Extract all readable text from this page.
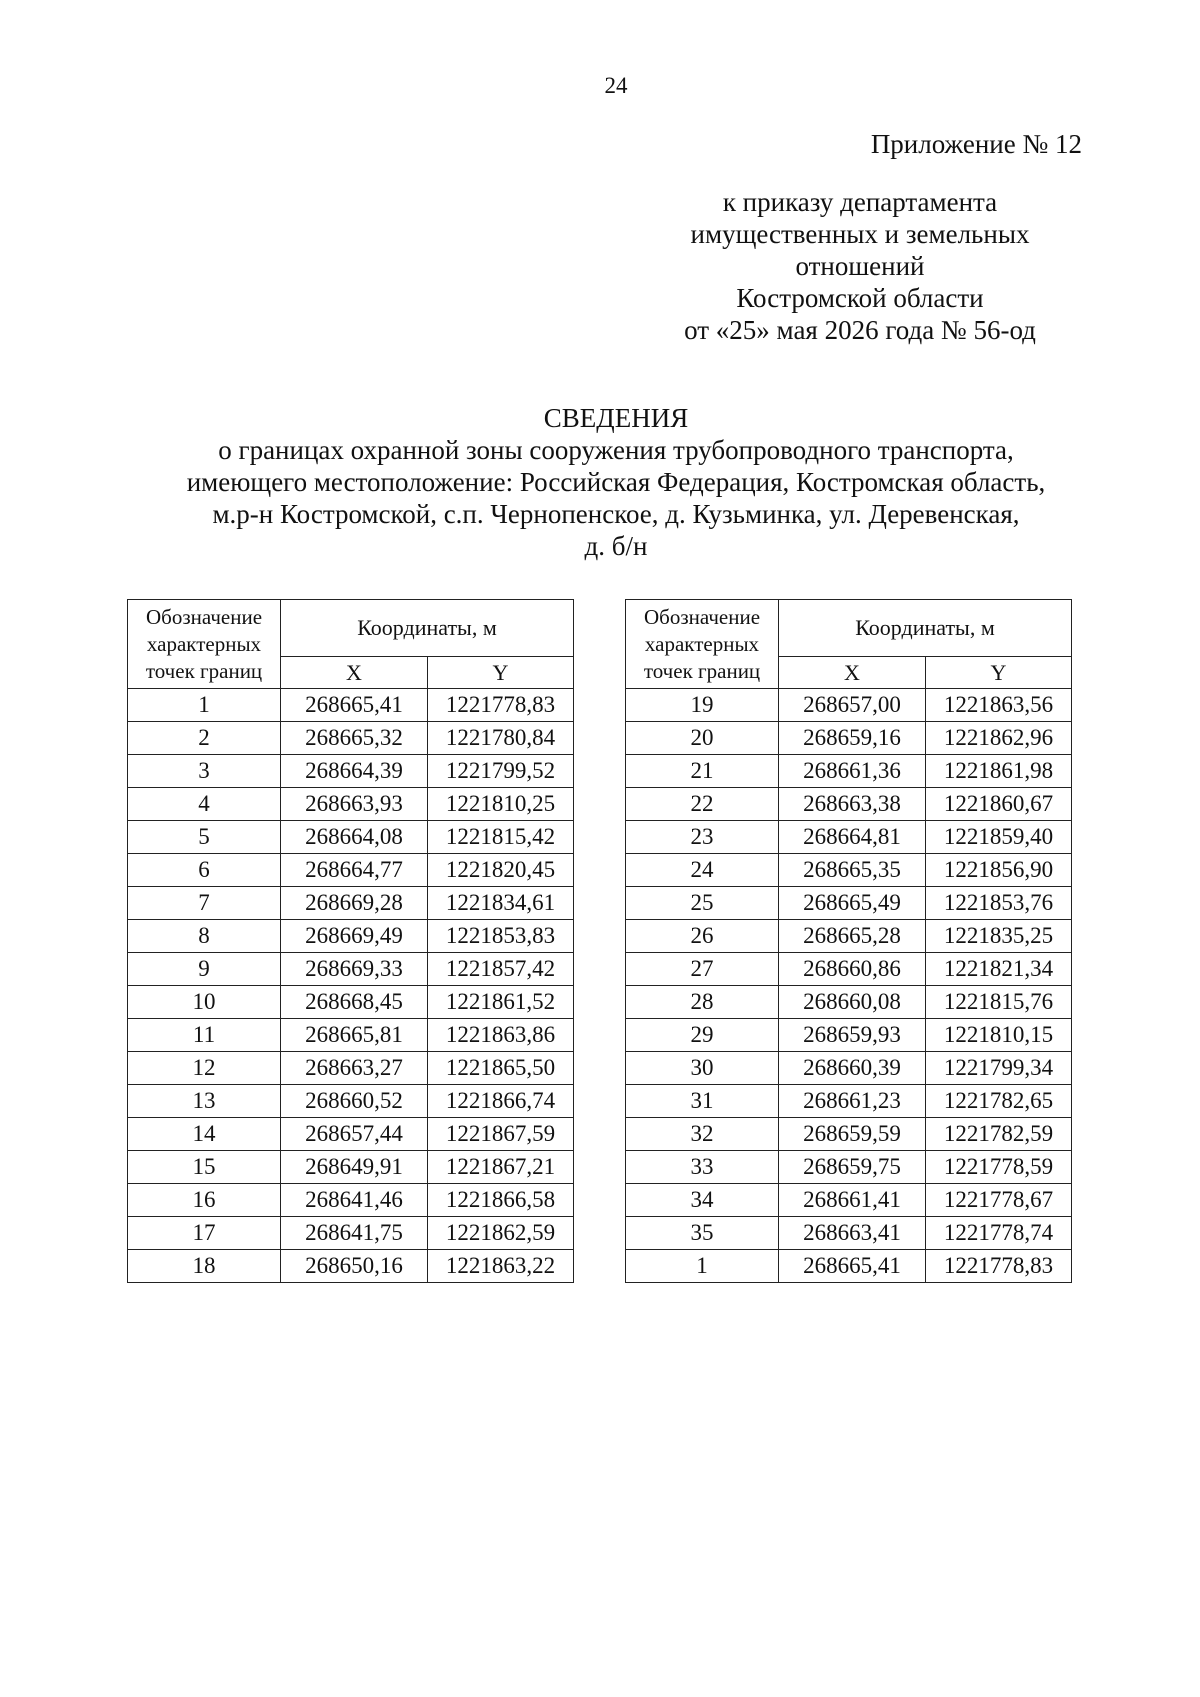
24
Приложение № 12
к приказу департамента
имущественных и земельных
отношений
Костромской области
от «25» мая 2026 года № 56-од
СВЕДЕНИЯ
о границах охранной зоны сооружения трубопроводного транспорта,
имеющего местоположение: Российская Федерация, Костромская область,
м.р-н Костромской, с.п. Чернопенское, д. Кузьминка, ул. Деревенская,
д. б/н
Обозначение
характерных
точек границ	Координаты, м	
	X	Y
1	268665,41	1221778,83
2	268665,32	1221780,84
3	268664,39	1221799,52
4	268663,93	1221810,25
5	268664,08	1221815,42
6	268664,77	1221820,45
7	268669,28	1221834,61
8	268669,49	1221853,83
9	268669,33	1221857,42
10	268668,45	1221861,52
11	268665,81	1221863,86
12	268663,27	1221865,50
13	268660,52	1221866,74
14	268657,44	1221867,59
15	268649,91	1221867,21
16	268641,46	1221866,58
17	268641,75	1221862,59
18	268650,16	1221863,22
Обозначение
характерных
точек границ	Координаты, м	
	X	Y
19	268657,00	1221863,56
20	268659,16	1221862,96
21	268661,36	1221861,98
22	268663,38	1221860,67
23	268664,81	1221859,40
24	268665,35	1221856,90
25	268665,49	1221853,76
26	268665,28	1221835,25
27	268660,86	1221821,34
28	268660,08	1221815,76
29	268659,93	1221810,15
30	268660,39	1221799,34
31	268661,23	1221782,65
32	268659,59	1221782,59
33	268659,75	1221778,59
34	268661,41	1221778,67
35	268663,41	1221778,74
1	268665,41	1221778,83
